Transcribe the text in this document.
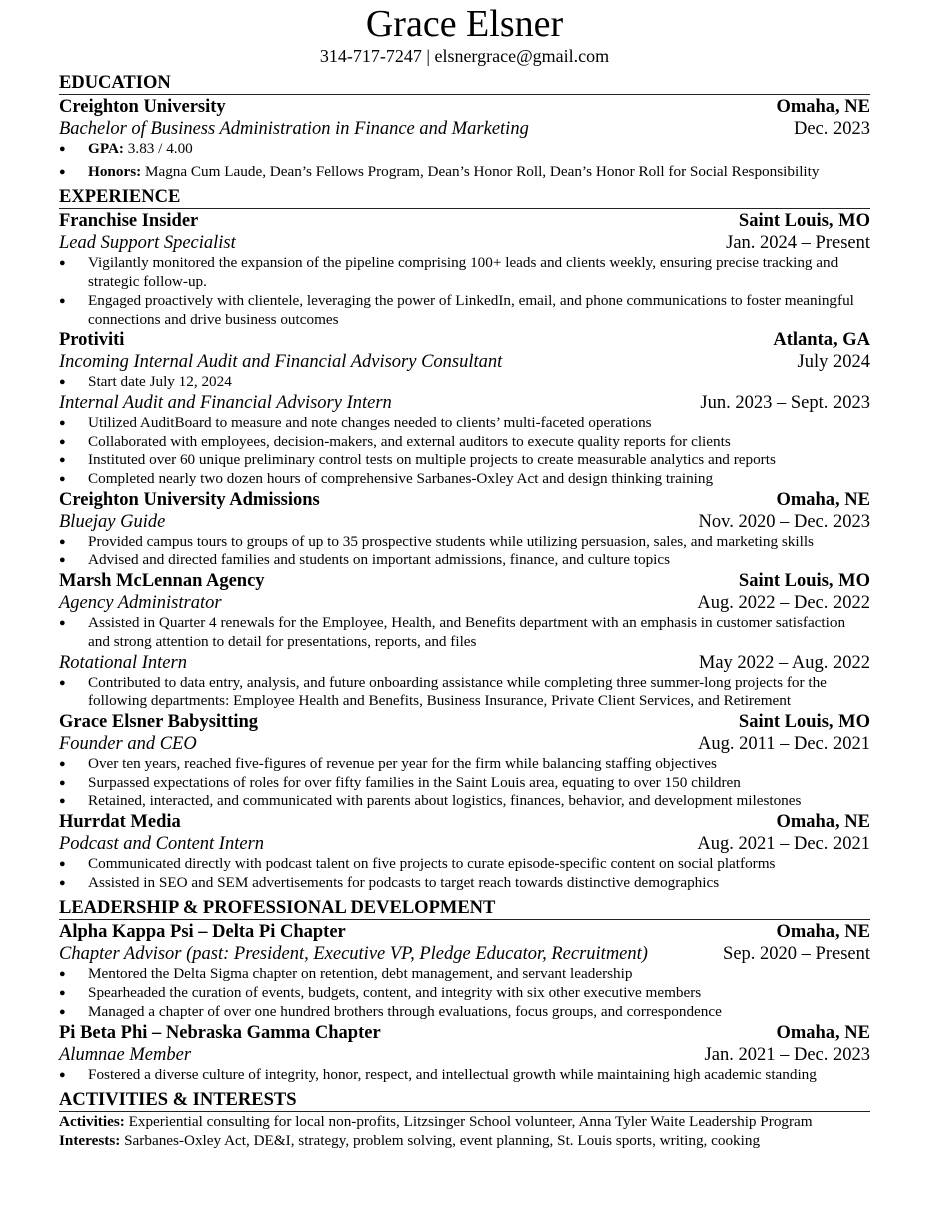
Grace Elsner
314-717-7247 | elsnergrace@gmail.com
EDUCATION
Creighton University	Omaha, NE
Bachelor of Business Administration in Finance and Marketing	Dec. 2023
● GPA: 3.83 / 4.00
● Honors: Magna Cum Laude, Dean’s Fellows Program, Dean’s Honor Roll, Dean’s Honor Roll for Social Responsibility
EXPERIENCE
Franchise Insider	Saint Louis, MO
Lead Support Specialist	Jan. 2024 – Present
● Vigilantly monitored the expansion of the pipeline comprising 100+ leads and clients weekly, ensuring precise tracking and strategic follow-up.
● Engaged proactively with clientele, leveraging the power of LinkedIn, email, and phone communications to foster meaningful connections and drive business outcomes
Protiviti	Atlanta, GA
Incoming Internal Audit and Financial Advisory Consultant	July 2024
● Start date July 12, 2024
Internal Audit and Financial Advisory Intern	Jun. 2023 – Sept. 2023
● Utilized AuditBoard to measure and note changes needed to clients’ multi-faceted operations
● Collaborated with employees, decision-makers, and external auditors to execute quality reports for clients
● Instituted over 60 unique preliminary control tests on multiple projects to create measurable analytics and reports
● Completed nearly two dozen hours of comprehensive Sarbanes-Oxley Act and design thinking training
Creighton University Admissions	Omaha, NE
Bluejay Guide	Nov. 2020 – Dec. 2023
● Provided campus tours to groups of up to 35 prospective students while utilizing persuasion, sales, and marketing skills
● Advised and directed families and students on important admissions, finance, and culture topics
Marsh McLennan Agency	Saint Louis, MO
Agency Administrator	Aug. 2022 – Dec. 2022
● Assisted in Quarter 4 renewals for the Employee, Health, and Benefits department with an emphasis in customer satisfaction and strong attention to detail for presentations, reports, and files
Rotational Intern	May 2022 – Aug. 2022
● Contributed to data entry, analysis, and future onboarding assistance while completing three summer-long projects for the following departments: Employee Health and Benefits, Business Insurance, Private Client Services, and Retirement
Grace Elsner Babysitting	Saint Louis, MO
Founder and CEO	Aug. 2011 – Dec. 2021
● Over ten years, reached five-figures of revenue per year for the firm while balancing staffing objectives
● Surpassed expectations of roles for over fifty families in the Saint Louis area, equating to over 150 children
● Retained, interacted, and communicated with parents about logistics, finances, behavior, and development milestones
Hurrdat Media	Omaha, NE
Podcast and Content Intern	Aug. 2021 – Dec. 2021
● Communicated directly with podcast talent on five projects to curate episode-specific content on social platforms
● Assisted in SEO and SEM advertisements for podcasts to target reach towards distinctive demographics
LEADERSHIP & PROFESSIONAL DEVELOPMENT
Alpha Kappa Psi – Delta Pi Chapter	Omaha, NE
Chapter Advisor (past: President, Executive VP, Pledge Educator, Recruitment)	Sep. 2020 – Present
● Mentored the Delta Sigma chapter on retention, debt management, and servant leadership
● Spearheaded the curation of events, budgets, content, and integrity with six other executive members
● Managed a chapter of over one hundred brothers through evaluations, focus groups, and correspondence
Pi Beta Phi – Nebraska Gamma Chapter	Omaha, NE
Alumnae Member	Jan. 2021 – Dec. 2023
● Fostered a diverse culture of integrity, honor, respect, and intellectual growth while maintaining high academic standing
ACTIVITIES & INTERESTS
Activities: Experiential consulting for local non-profits, Litzsinger School volunteer, Anna Tyler Waite Leadership Program
Interests: Sarbanes-Oxley Act, DE&I, strategy, problem solving, event planning, St. Louis sports, writing, cooking
